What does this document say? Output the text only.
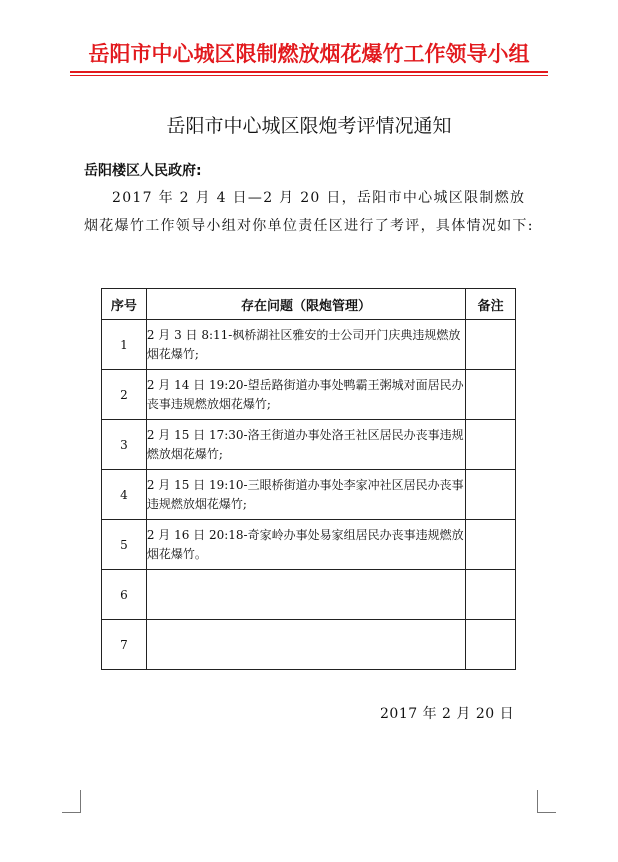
岳阳市中心城区限制燃放烟花爆竹工作领导小组
岳阳市中心城区限炮考评情况通知
岳阳楼区人民政府:
2017 年 2 月 4 日—2 月 20 日，岳阳市中心城区限制燃放烟花爆竹工作领导小组对你单位责任区进行了考评，具体情况如下:
序号	存在问题（限炮管理）	备注
1	2 月 3 日 8:11-枫桥湖社区雅安的士公司开门庆典违规燃放烟花爆竹;	
2	2 月 14 日 19:20-望岳路街道办事处鸭霸王粥城对面居民办丧事违规燃放烟花爆竹;	
3	2 月 15 日 17:30-洛王街道办事处洛王社区居民办丧事违规燃放烟花爆竹;	
4	2 月 15 日 19:10-三眼桥街道办事处李家冲社区居民办丧事违规燃放烟花爆竹;	
5	2 月 16 日 20:18-奇家岭办事处易家组居民办丧事违规燃放烟花爆竹。	
6		
7		
2017 年 2 月 20 日
